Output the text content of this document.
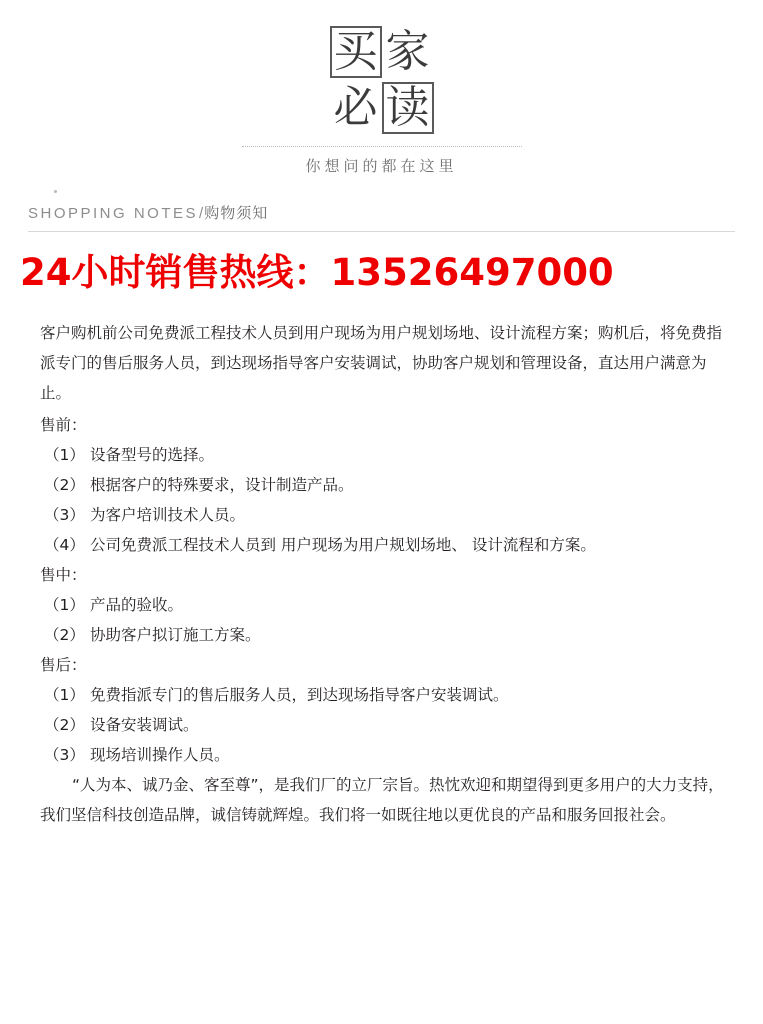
买 家
必 读
你想问的都在这里
SHOPPING NOTES / 购物须知
24小时销售热线：13526497000

客户购机前公司免费派工程技术人员到用户现场为用户规划场地、设计流程方案；购机后，将免费指派专门的售后服务人员，到达现场指导客户安装调试，协助客户规划和管理设备，直达用户满意为止。

售前：

（1） 设备型号的选择。

（2） 根据客户的特殊要求，设计制造产品。

（3） 为客户培训技术人员。

（4） 公司免费派工程技术人员到 用户现场为用户规划场地、 设计流程和方案。

售中：

（1） 产品的验收。

（2） 协助客户拟订施工方案。

售后：

（1） 免费指派专门的售后服务人员，到达现场指导客户安装调试。

（2） 设备安装调试。

（3） 现场培训操作人员。

“人为本、诚乃金、客至尊”，是我们厂的立厂宗旨。热忱欢迎和期望得到更多用户的大力支持，我们坚信科技创造品牌，诚信铸就辉煌。我们将一如既往地以更优良的产品和服务回报社会。
